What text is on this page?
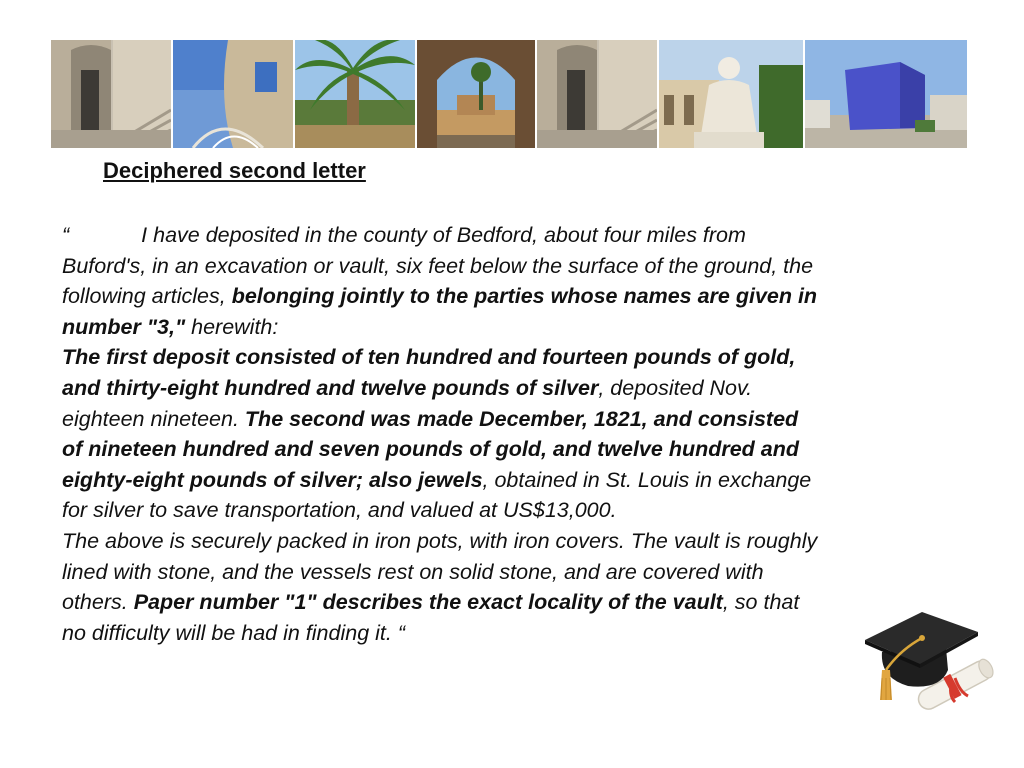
Deciphered second letter

“	I have deposited in the county of Bedford, about four miles from Buford's, in an excavation or vault, six feet below the surface of the ground, the following articles, belonging jointly to the parties whose names are given in number "3," herewith:

The first deposit consisted of ten hundred and fourteen pounds of gold, and thirty-eight hundred and twelve pounds of silver, deposited Nov. eighteen nineteen. The second was made December, 1821, and consisted of nineteen hundred and seven pounds of gold, and twelve hundred and eighty-eight pounds of silver; also jewels, obtained in St. Louis in exchange for silver to save transportation, and valued at US$13,000.

The above is securely packed in iron pots, with iron covers. The vault is roughly lined with stone, and the vessels rest on solid stone, and are covered with others. Paper number "1" describes the exact locality of the vault, so that no difficulty will be had in finding it. “
